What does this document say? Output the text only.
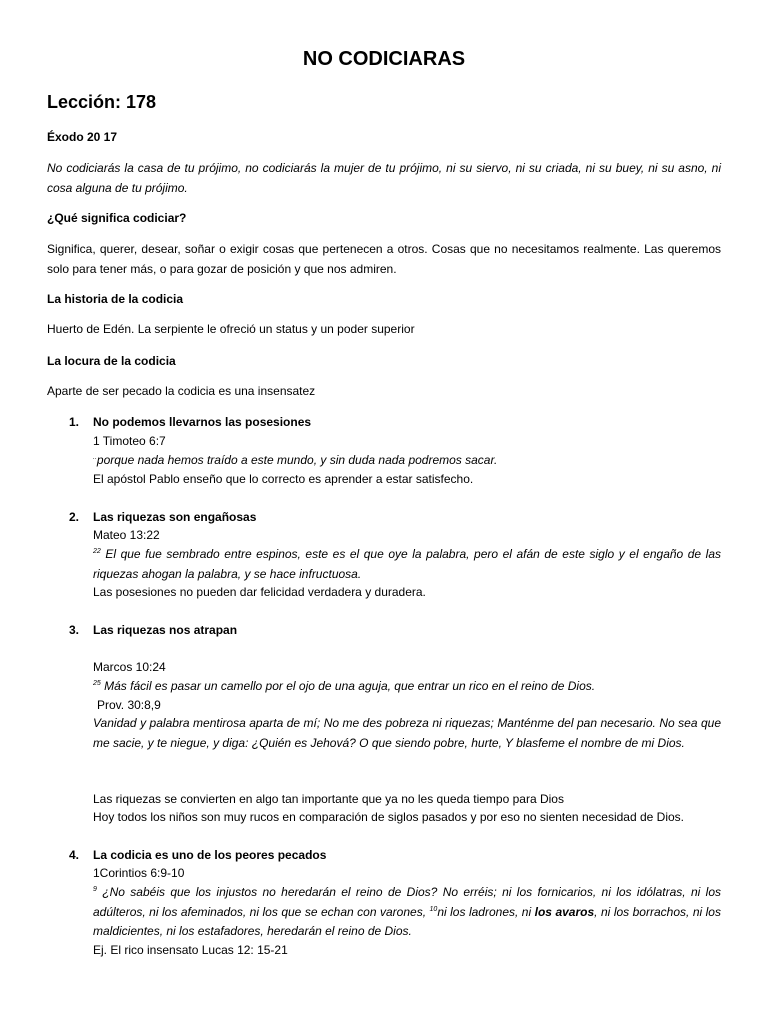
NO CODICIARAS
Lección: 178
Éxodo 20 17
No codiciarás la casa de tu prójimo, no codiciarás la mujer de tu prójimo, ni su siervo, ni su criada, ni su buey, ni su asno, ni cosa alguna de tu prójimo.
¿Qué significa codiciar?
Significa, querer, desear, soñar o exigir cosas que pertenecen a otros. Cosas que no necesitamos realmente. Las queremos solo para tener más, o para gozar de posición y que nos admiren.
La historia de la codicia
Huerto de Edén. La serpiente le ofreció un status y un poder superior
La locura de la codicia
Aparte de ser pecado la codicia es una insensatez
1. No podemos llevarnos las posesiones
1 Timoteo 6:7
..porque nada hemos traído a este mundo, y sin duda nada podremos sacar.
El apóstol Pablo enseño que lo correcto es aprender a estar satisfecho.
2. Las riquezas son engañosas
Mateo 13:22
$^{22}$ El que fue sembrado entre espinos, este es el que oye la palabra, pero el afán de este siglo y el engaño de las riquezas ahogan la palabra, y se hace infructuosa.
Las posesiones no pueden dar felicidad verdadera y duradera.
3. Las riquezas nos atrapan
Marcos 10:24
$^{25}$ Más fácil es pasar un camello por el ojo de una aguja, que entrar un rico en el reino de Dios.
Prov. 30:8,9
Vanidad y palabra mentirosa aparta de mí; No me des pobreza ni riquezas; Manténme del pan necesario. No sea que me sacie, y te niegue, y diga: ¿Quién es Jehová? O que siendo pobre, hurte, Y blasfeme el nombre de mi Dios.
Las riquezas se convierten en algo tan importante que ya no les queda tiempo para Dios
Hoy todos los niños son muy rucos en comparación de siglos pasados y por eso no sienten necesidad de Dios.
4. La codicia es uno de los peores pecados
1Corintios 6:9-10
$^9$ ¿No sabéis que los injustos no heredarán el reino de Dios? No erréis; ni los fornicarios, ni los idólatras, ni los adúlteros, ni los afeminados, ni los que se echan con varones, $^{10}$ni los ladrones, ni los avaros, ni los borrachos, ni los maldicientes, ni los estafadores, heredarán el reino de Dios.
Ej. El rico insensato Lucas 12: 15-21
